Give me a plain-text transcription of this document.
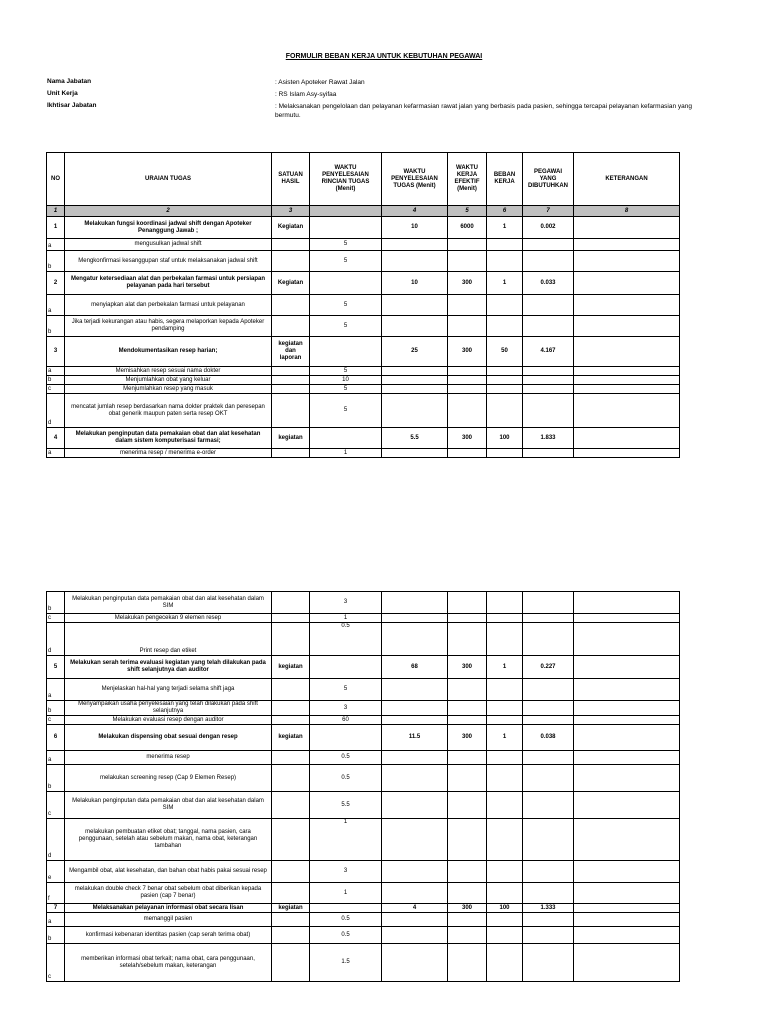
FORMULIR BEBAN KERJA UNTUK KEBUTUHAN PEGAWAI
Nama Jabatan	: Asisten Apoteker Rawat Jalan
Unit Kerja	: RS Islam Asy-syifaa
Ikhtisar Jabatan	: Melaksanakan pengelolaan dan pelayanan kefarmasian rawat jalan yang berbasis pada pasien, sehingga tercapai pelayanan kefarmasian yang bermutu.
NO	URAIAN TUGAS	SATUAN HASIL	WAKTU PENYELESAIAN RINCIAN TUGAS (Menit)	WAKTU PENYELESAIAN TUGAS (Menit)	WAKTU KERJA EFEKTIF (Menit)	BEBAN KERJA	PEGAWAI YANG DIBUTUHKAN	KETERANGAN
1	2	3		4	5	6	7	8
1	Melakukan fungsi koordinasi jadwal shift dengan Apoteker Penanggung Jawab ;	Kegiatan		10	6000	1	0.002	
a	mengusulkan jadwal shift		5					
b	Mengkonfirmasi kesanggupan staf untuk melaksanakan jadwal shift		5					
2	Mengatur ketersediaan alat dan perbekalan farmasi untuk persiapan pelayanan pada hari tersebut	Kegiatan		10	300	1	0.033	
a	menyiapkan alat dan perbekalan farmasi untuk pelayanan		5					
b	Jika terjadi kekurangan atau habis, segera melaporkan kepada Apoteker pendamping		5					
3	Mendokumentasikan resep harian;	kegiatan dan laporan		25	300	50	4.167	
a	Memisahkan resep sesuai nama dokter		5					
b	Menjumlahkan obat yang keluar		10					
c	Menjumlahkan resep yang masuk		5					
d	mencatat jumlah resep berdasarkan nama dokter praktek dan peresepan obat generik maupun paten serta resep OKT		5					
4	Melakukan penginputan data pemakaian obat dan alat kesehatan dalam sistem komputerisasi farmasi;	kegiatan		5.5	300	100	1.833	
a	menerima resep / menerima e-order		1					
b	Melakukan penginputan data pemakaian obat dan alat kesehatan dalam SIM		3					
c	Melakukan pengecekan 9 elemen resep		1					
d	Print resep dan etiket		0.5					
5	Melakukan serah terima evaluasi kegiatan yang telah dilakukan pada shift selanjutnya dan auditor	kegiatan		68	300	1	0.227	
a	Menjelaskan hal-hal yang terjadi selama shift jaga		5					
b	Menyampaikan usaha penyelesaian yang telah dilakukan pada shift selanjutnya		3					
c	Melakukan evaluasi resep dengan auditor		60					
6	Melakukan dispensing obat sesuai dengan resep	kegiatan		11.5	300	1	0.038	
a	menerima resep		0.5					
b	melakukan screening resep (Cap 9 Elemen Resep)		0.5					
c	Melakukan penginputan data pemakaian obat dan alat kesehatan dalam SIM		5.5					
d	melakukan pembuatan etiket obat; tanggal, nama pasien, cara penggunaan, setelah atau sebelum makan, nama obat, keterangan tambahan		1					
e	Mengambil obat, alat kesehatan, dan bahan obat habis pakai sesuai resep		3					
f	melakukan double check 7 benar obat sebelum obat diberikan kepada pasien (cap 7 benar)		1					
7	Melaksanakan pelayanan informasi obat secara lisan	kegiatan		4	300	100	1.333	
a	memanggil pasien		0.5					
b	konfirmasi kebenaran identitas pasien (cap serah terima obat)		0.5					
c	memberikan informasi obat terkait; nama obat, cara penggunaan, setelah/sebelum makan, keterangan		1.5					
